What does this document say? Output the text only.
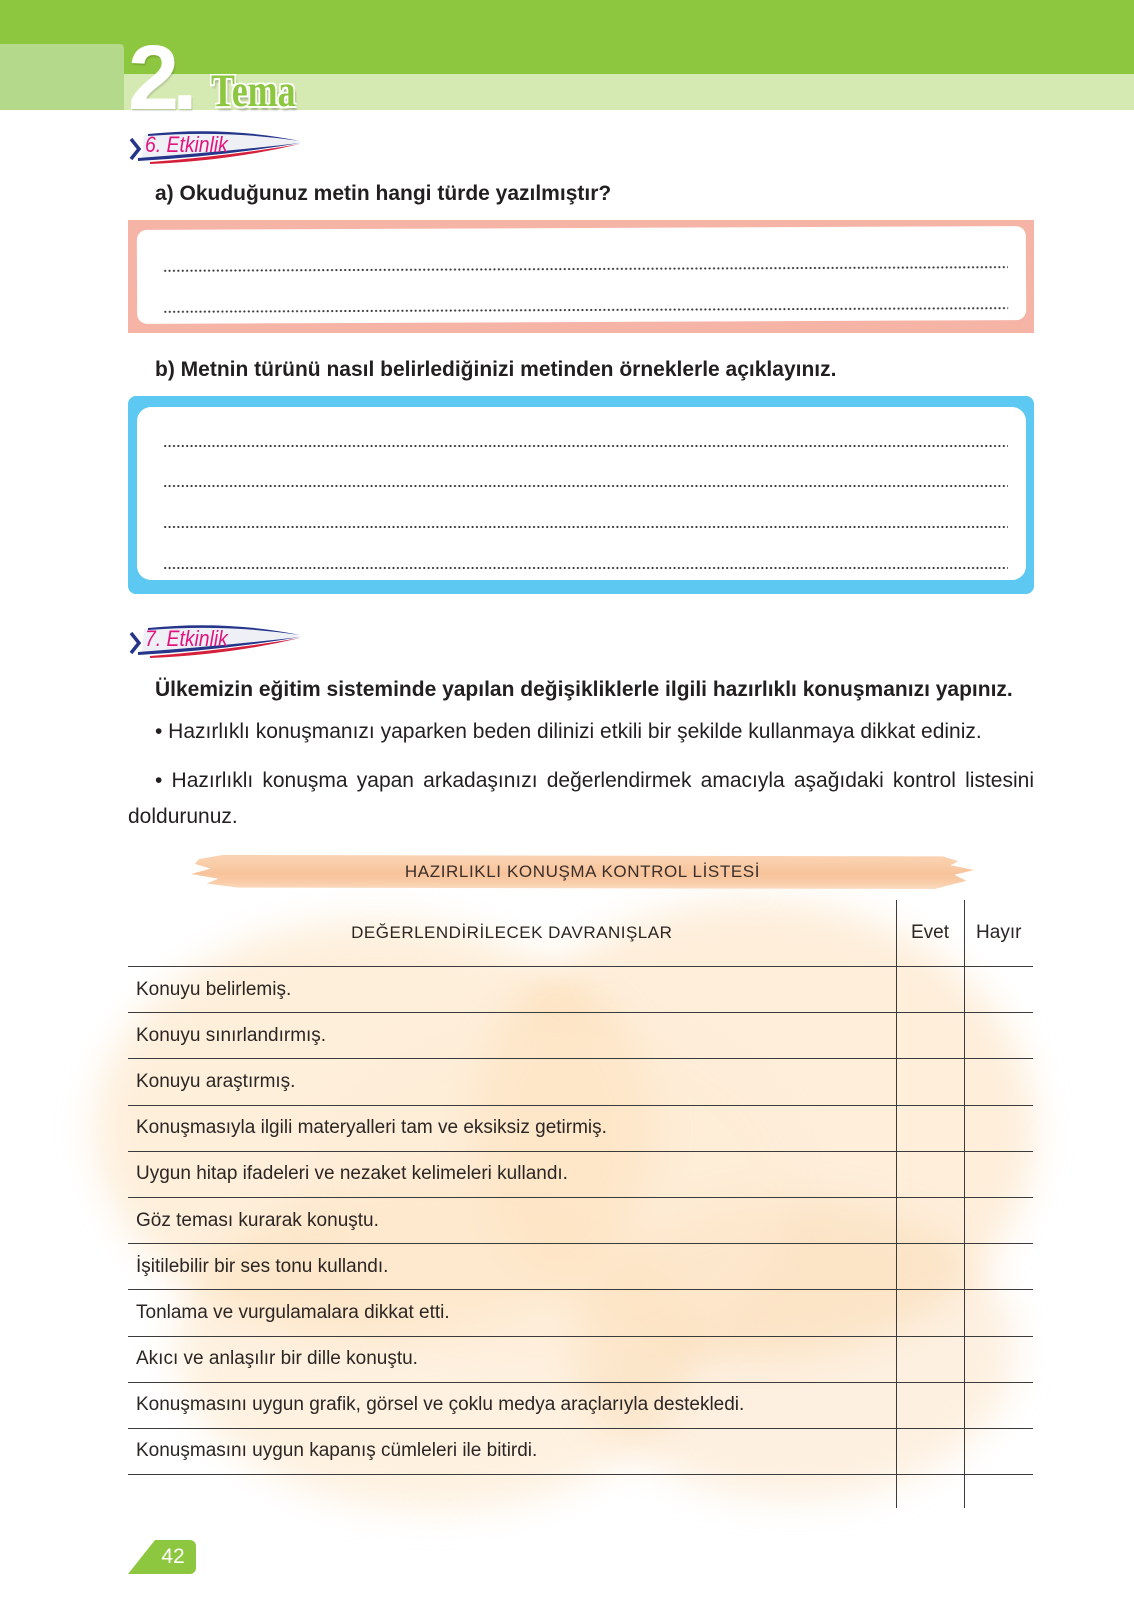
2. Tema
6. Etkinlik
a) Okuduğunuz metin hangi türde yazılmıştır?
b) Metnin türünü nasıl belirlediğinizi metinden örneklerle açıklayınız.
7. Etkinlik
Ülkemizin eğitim sisteminde yapılan değişikliklerle ilgili hazırlıklı konuşmanızı yapınız.
• Hazırlıklı konuşmanızı yaparken beden dilinizi etkili bir şekilde kullanmaya dikkat ediniz.
• Hazırlıklı konuşma yapan arkadaşınızı değerlendirmek amacıyla aşağıdaki kontrol listesini
doldurunuz.
HAZIRLIKLI KONUŞMA KONTROL LİSTESİ
DEĞERLENDİRİLECEK DAVRANIŞLAR	Evet	Hayır
Konuyu belirlemiş.		
Konuyu sınırlandırmış.		
Konuyu araştırmış.		
Konuşmasıyla ilgili materyalleri tam ve eksiksiz getirmiş.		
Uygun hitap ifadeleri ve nezaket kelimeleri kullandı.		
Göz teması kurarak konuştu.		
İşitilebilir bir ses tonu kullandı.		
Tonlama ve vurgulamalara dikkat etti.		
Akıcı ve anlaşılır bir dille konuştu.		
Konuşmasını uygun grafik, görsel ve çoklu medya araçlarıyla destekledi.		
Konuşmasını uygun kapanış cümleleri ile bitirdi.		

42
